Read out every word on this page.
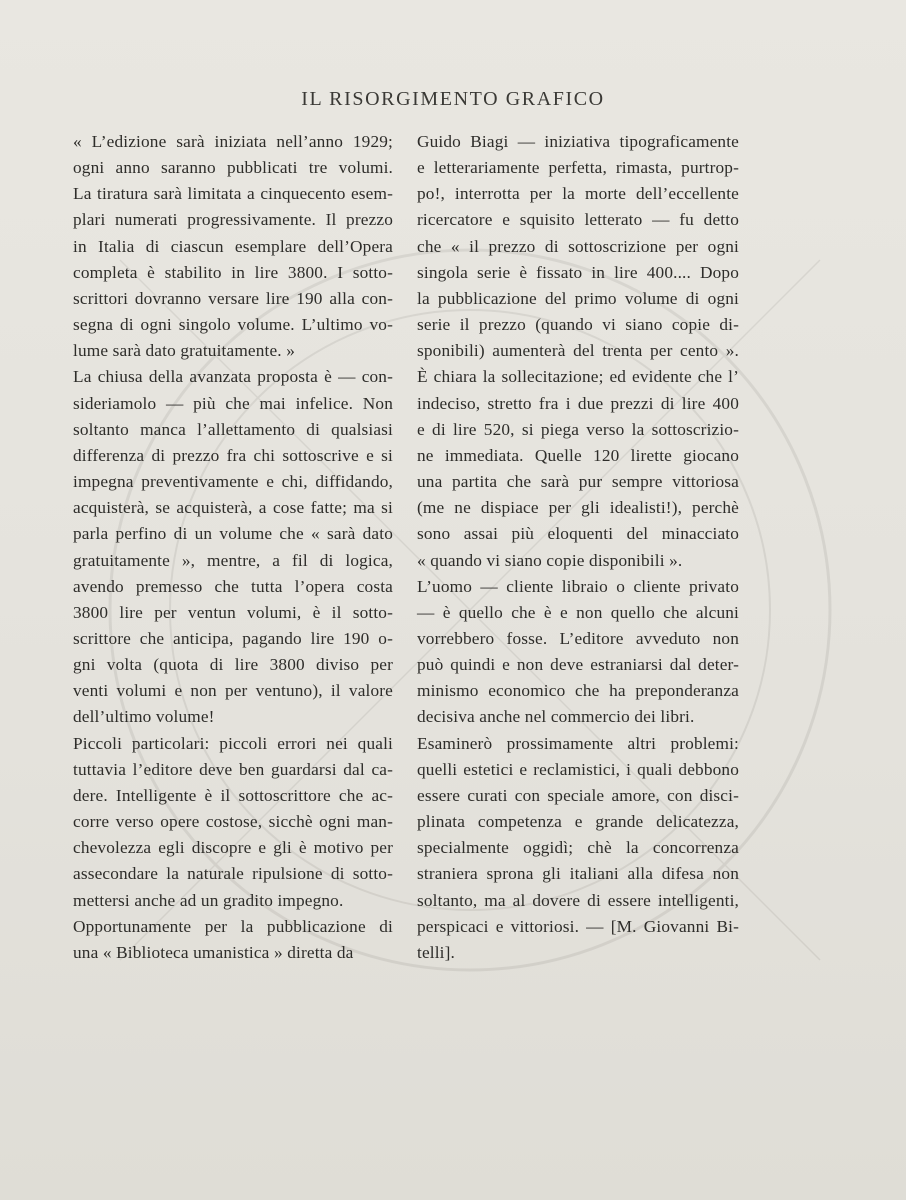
IL RISORGIMENTO GRAFICO
« L’edizione sarà iniziata nell’anno 1929;
ogni anno saranno pubblicati tre volumi.
La tiratura sarà limitata a cinquecento esem-
plari numerati progressivamente. Il prezzo
in Italia di ciascun esemplare dell’Opera
completa è stabilito in lire 3800. I sotto-
scrittori dovranno versare lire 190 alla con-
segna di ogni singolo volume. L’ultimo vo-
lume sarà dato gratuitamente. »
La chiusa della avanzata proposta è — con-
sideriamolo — più che mai infelice. Non
soltanto manca l’allettamento di qualsiasi
differenza di prezzo fra chi sottoscrive e si
impegna preventivamente e chi, diffidando,
acquisterà, se acquisterà, a cose fatte; ma si
parla perfino di un volume che « sarà dato
gratuitamente », mentre, a fil di logica,
avendo premesso che tutta l’opera costa
3800 lire per ventun volumi, è il sotto-
scrittore che anticipa, pagando lire 190 o-
gni volta (quota di lire 3800 diviso per
venti volumi e non per ventuno), il valore
dell’ultimo volume!
Piccoli particolari: piccoli errori nei quali
tuttavia l’editore deve ben guardarsi dal ca-
dere. Intelligente è il sottoscrittore che ac-
corre verso opere costose, sicchè ogni man-
chevolezza egli discopre e gli è motivo per
assecondare la naturale ripulsione di sotto-
mettersi anche ad un gradito impegno.
Opportunamente per la pubblicazione di
una « Biblioteca umanistica » diretta da
Guido Biagi — iniziativa tipograficamente
e letterariamente perfetta, rimasta, purtrop-
po!, interrotta per la morte dell’eccellente
ricercatore e squisito letterato — fu detto
che « il prezzo di sottoscrizione per ogni
singola serie è fissato in lire 400.... Dopo
la pubblicazione del primo volume di ogni
serie il prezzo (quando vi siano copie di-
sponibili) aumenterà del trenta per cento ».
È chiara la sollecitazione; ed evidente che l’
indeciso, stretto fra i due prezzi di lire 400
e di lire 520, si piega verso la sottoscrizio-
ne immediata. Quelle 120 lirette giocano
una partita che sarà pur sempre vittoriosa
(me ne dispiace per gli idealisti!), perchè
sono assai più eloquenti del minacciato
« quando vi siano copie disponibili ».
L’uomo — cliente libraio o cliente privato
— è quello che è e non quello che alcuni
vorrebbero fosse. L’editore avveduto non
può quindi e non deve estraniarsi dal deter-
minismo economico che ha preponderanza
decisiva anche nel commercio dei libri.
Esaminerò prossimamente altri problemi:
quelli estetici e reclamistici, i quali debbono
essere curati con speciale amore, con disci-
plinata competenza e grande delicatezza,
specialmente oggidì; chè la concorrenza
straniera sprona gli italiani alla difesa non
soltanto, ma al dovere di essere intelligenti,
perspicaci e vittoriosi. — [M. Giovanni Bi-
telli].
